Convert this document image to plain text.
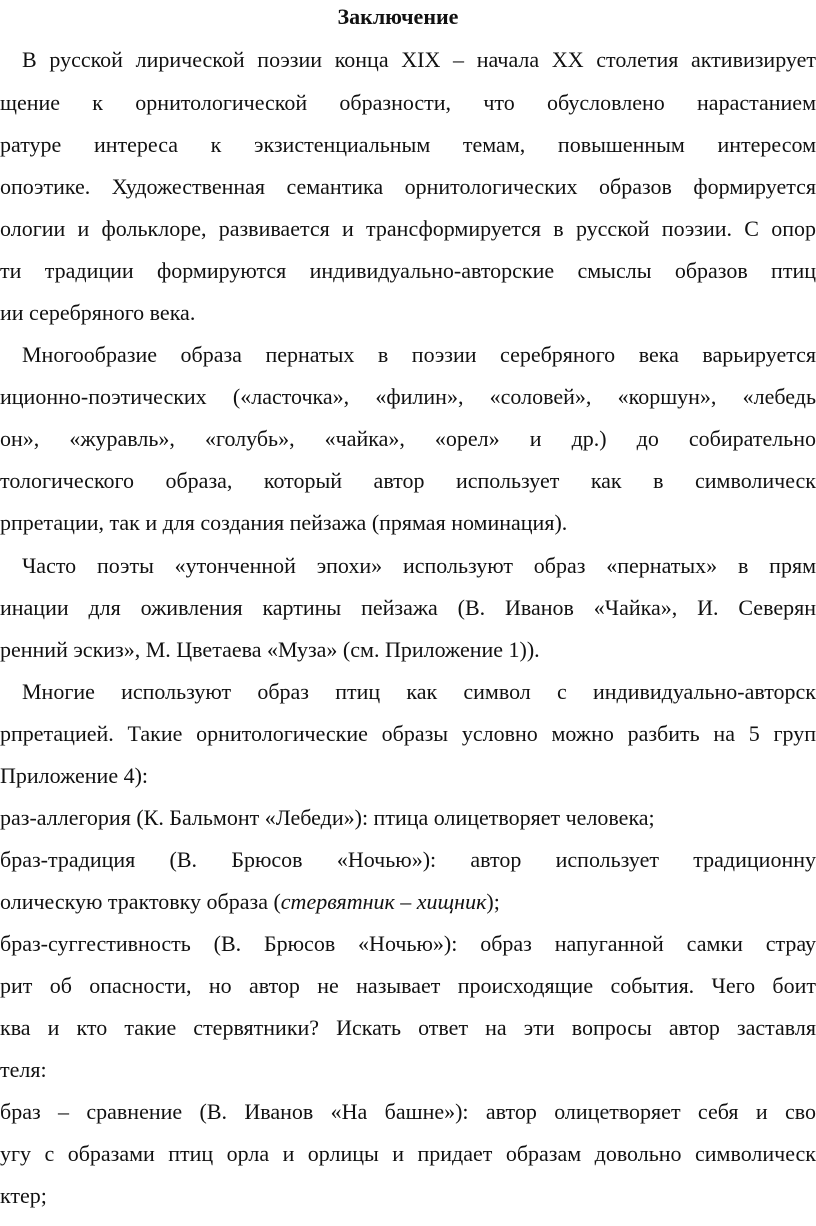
Заключение
В русской лирической поэзии конца XIX – начала XX столетия активизирует
щение к орнитологической образности, что обусловлено нарастанием
ратуре интереса к экзистенциальным темам, повышенным интересом
опоэтике. Художественная семантика орнитологических образов формируется
ологии и фольклоре, развивается и трансформируется в русской поэзии. С опор
ти традиции формируются индивидуально-авторские смыслы образов птиц
ии серебряного века.
Многообразие образа пернатых в поэзии серебряного века варьируется
иционно-поэтических («ласточка», «филин», «соловей», «коршун», «лебедь
он», «журавль», «голубь», «чайка», «орел» и др.) до собирательно
тологического образа, который автор использует как в символическ
рпретации, так и для создания пейзажа (прямая номинация).
Часто поэты «утонченной эпохи» используют образ «пернатых» в прям
инации для оживления картины пейзажа (В. Иванов «Чайка», И. Северян
ренний эскиз», М. Цветаева «Муза» (см. Приложение 1)).
Многие используют образ птиц как символ с индивидуально-авторск
рпретацией. Такие орнитологические образы условно можно разбить на 5 груп
Приложение 4):
раз-аллегория (К. Бальмонт «Лебеди»): птица олицетворяет человека;
браз-традиция (В. Брюсов «Ночью»): автор использует традиционну
олическую трактовку образа (стервятник – хищник);
браз-суггестивность (В. Брюсов «Ночью»): образ напуганной самки страу
рит об опасности, но автор не называет происходящие события. Чего боит
ква и кто такие стервятники? Искать ответ на эти вопросы автор заставля
теля:
браз – сравнение (В. Иванов «На башне»): автор олицетворяет себя и сво
угу с образами птиц орла и орлицы и придает образам довольно символическ
ктер;
